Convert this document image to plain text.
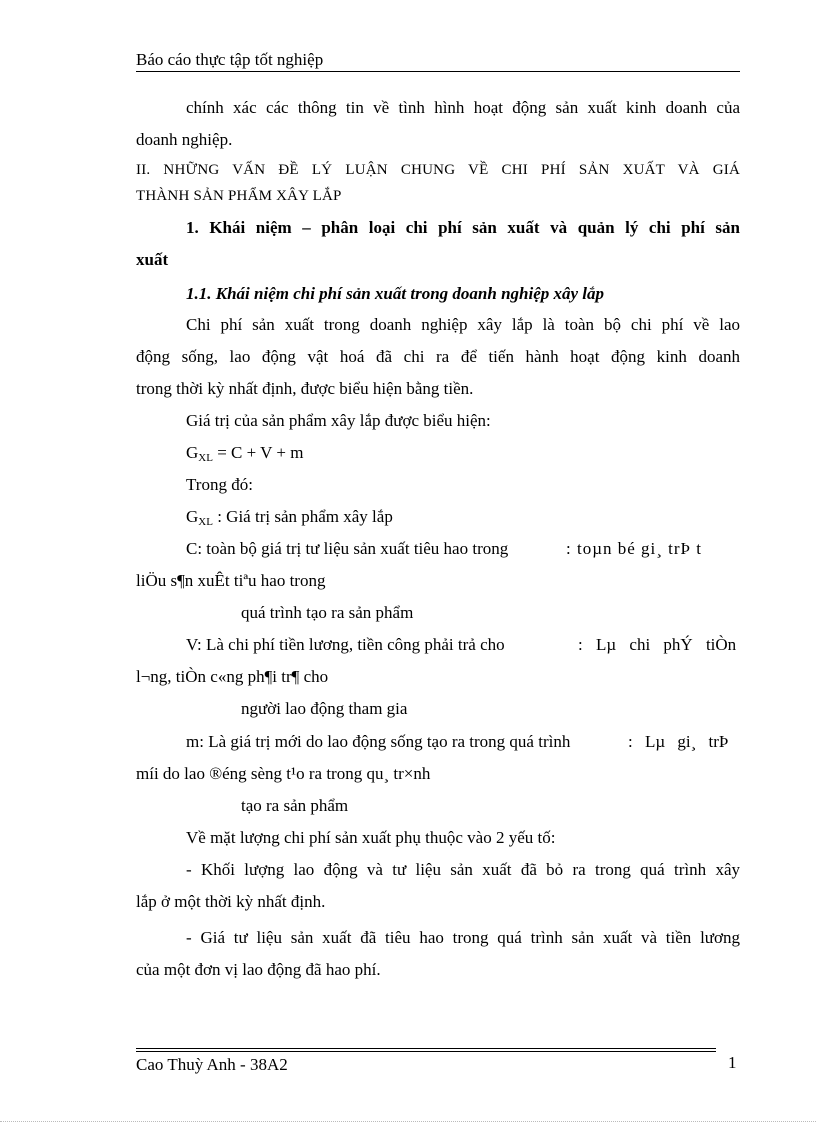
Báo cáo thực tập tốt nghiệp
chính xác các thông tin về tình hình hoạt động sản xuất kinh doanh của
doanh nghiệp.
II. NHỮNG VẤN ĐỀ LÝ LUẬN CHUNG VỀ CHI PHÍ SẢN XUẤT VÀ GIÁ
THÀNH SẢN PHẨM XÂY LẮP
1. Khái niệm – phân loại chi phí sản xuất và quản lý chi phí sản
xuất
1.1. Khái niệm chi phí sản xuất trong doanh nghiệp xây lắp
Chi phí sản xuất trong doanh nghiệp xây lắp là toàn bộ chi phí về lao
động sống, lao động vật hoá đã chi ra để tiến hành hoạt động kinh doanh
trong thời kỳ nhất định, được biểu hiện bằng tiền.
Giá trị của sản phẩm xây lắp được biểu hiện:
$G_{XL} = C + V + m$
Trong đó:
$G_{XL}$ : Giá trị sản phẩm xây lắp
C: toàn bộ giá trị tư liệu sản xuất tiêu hao trong	: toµn bé gi¸ trÞ t
liÖu s¶n xuÊt tiªu hao trong
quá trình tạo ra sản phẩm
V: Là chi phí tiền lương, tiền công phải trả cho	: Lµ chi phÝ tiÒn
l¬ng, tiÒn c«ng ph¶i tr¶ cho
người lao động tham gia
m: Là giá trị mới do lao động sống tạo ra trong quá trình	: Lµ gi¸ trÞ
míi do lao ®éng sèng t¹o ra trong qu¸ tr×nh
tạo ra sản phẩm
Về mặt lượng chi phí sản xuất phụ thuộc vào 2 yếu tố:
- Khối lượng lao động và tư liệu sản xuất đã bỏ ra trong quá trình xây
lắp ở một thời kỳ nhất định.
- Giá tư liệu sản xuất đã tiêu hao trong quá trình sản xuất và tiền lương
của một đơn vị lao động đã hao phí.
Cao Thuỳ Anh - 38A2	1
